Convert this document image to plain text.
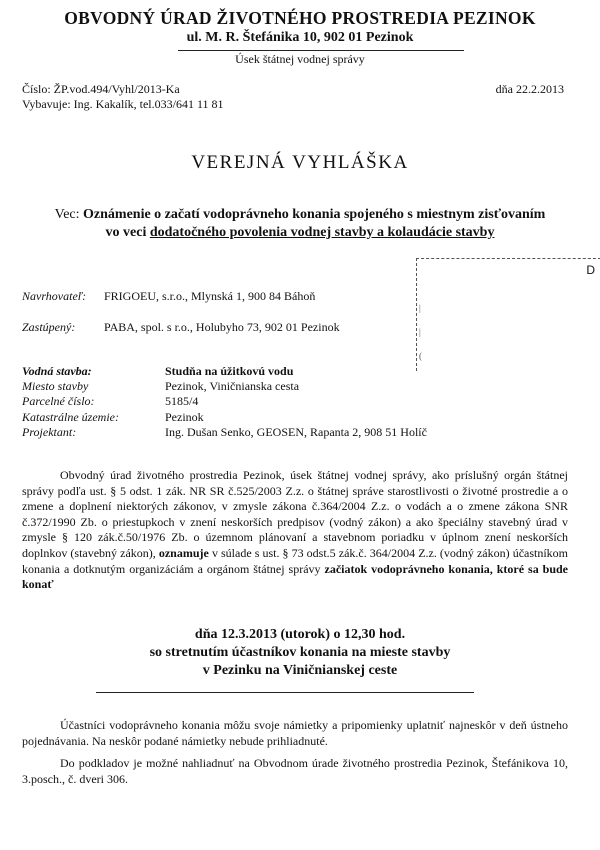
OBVODNÝ ÚRAD ŽIVOTNÉHO PROSTREDIA PEZINOK
ul. M. R. Štefánika 10, 902 01 Pezinok
Úsek štátnej vodnej správy
Číslo: ŽP.vod.494/Vyhl/2013-Ka
Vybavuje: Ing. Kakalík, tel.033/641 11 81
dňa 22.2.2013
VEREJNÁ VYHLÁŠKA
Vec: Oznámenie o začatí vodoprávneho konania spojeného s miestnym zisťovaním
vo veci dodatočného povolenia vodnej stavby a kolaudácie stavby
D
|
|
(
Navrhovateľ: FRIGOEU, s.r.o., Mlynská 1, 900 84 Báhoň
Zastúpený: PABA, spol. s r.o., Holubyho 73, 902 01 Pezinok
Vodná stavba:	Studňa na úžitkovú vodu
Miesto stavby	Pezinok, Viničnianska cesta
Parcelné číslo:	5185/4
Katastrálne územie:	Pezinok
Projektant:	Ing. Dušan Senko, GEOSEN, Rapanta 2, 908 51 Holíč
Obvodný úrad životného prostredia Pezinok, úsek štátnej vodnej správy, ako príslušný orgán štátnej správy podľa ust. § 5 odst. 1 zák. NR SR č.525/2003 Z.z. o štátnej správe starostlivosti o životné prostredie a o zmene a doplnení niektorých zákonov, v zmysle zákona č.364/2004 Z.z. o vodách a o zmene zákona SNR č.372/1990 Zb. o priestupkoch v znení neskorších predpisov (vodný zákon) a ako špeciálny stavebný úrad v zmysle § 120 zák.č.50/1976 Zb. o územnom plánovaní a stavebnom poriadku v úplnom znení neskorších doplnkov (stavebný zákon), oznamuje v súlade s ust. § 73 odst.5 zák.č. 364/2004 Z.z. (vodný zákon) účastníkom konania a dotknutým organizáciám a orgánom štátnej správy začiatok vodoprávneho konania, ktoré sa bude konať
dňa 12.3.2013 (utorok) o 12,30 hod.
so stretnutím účastníkov konania na mieste stavby
v Pezinku na Viničnianskej ceste
Účastníci vodoprávneho konania môžu svoje námietky a pripomienky uplatniť najneskôr v deň ústneho pojednávania. Na neskôr podané námietky nebude prihliadnuté.
Do podkladov je možné nahliadnuť na Obvodnom úrade životného prostredia Pezinok, Štefánikova 10, 3.posch., č. dveri 306.
